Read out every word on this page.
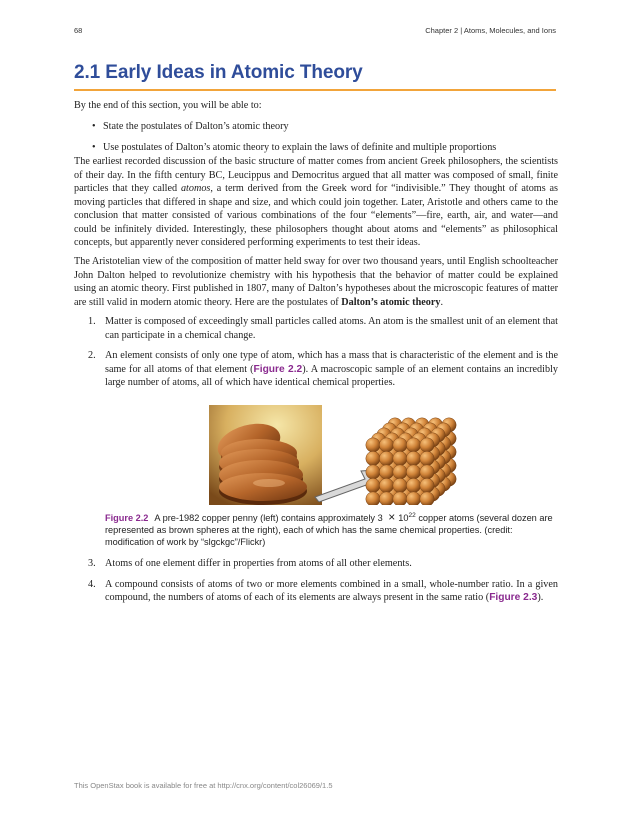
68	Chapter 2 | Atoms, Molecules, and Ions
2.1 Early Ideas in Atomic Theory

By the end of this section, you will be able to:

• State the postulates of Dalton’s atomic theory
• Use postulates of Dalton’s atomic theory to explain the laws of definite and multiple proportions

The earliest recorded discussion of the basic structure of matter comes from ancient Greek philosophers, the scientists of their day. In the fifth century BC, Leucippus and Democritus argued that all matter was composed of small, finite particles that they called atomos, a term derived from the Greek word for “indivisible.” They thought of atoms as moving particles that differed in shape and size, and which could join together. Later, Aristotle and others came to the conclusion that matter consisted of various combinations of the four “elements”—fire, earth, air, and water—and could be infinitely divided. Interestingly, these philosophers thought about atoms and “elements” as philosophical concepts, but apparently never considered performing experiments to test their ideas.

The Aristotelian view of the composition of matter held sway for over two thousand years, until English schoolteacher John Dalton helped to revolutionize chemistry with his hypothesis that the behavior of matter could be explained using an atomic theory. First published in 1807, many of Dalton’s hypotheses about the microscopic features of matter are still valid in modern atomic theory. Here are the postulates of Dalton’s atomic theory.

1. Matter is composed of exceedingly small particles called atoms. An atom is the smallest unit of an element that can participate in a chemical change.
2. An element consists of only one type of atom, which has a mass that is characteristic of the element and is the same for all atoms of that element (Figure 2.2). A macroscopic sample of an element contains an incredibly large number of atoms, all of which have identical chemical properties.

Figure 2.2 A pre-1982 copper penny (left) contains approximately $3 \times 10^{22}$ copper atoms (several dozen are represented as brown spheres at the right), each of which has the same chemical properties. (credit: modification of work by “slgckgc”/Flickr)

3. Atoms of one element differ in properties from atoms of all other elements.
4. A compound consists of atoms of two or more elements combined in a small, whole-number ratio. In a given compound, the numbers of atoms of each of its elements are always present in the same ratio (Figure 2.3).
This OpenStax book is available for free at http://cnx.org/content/col26069/1.5
